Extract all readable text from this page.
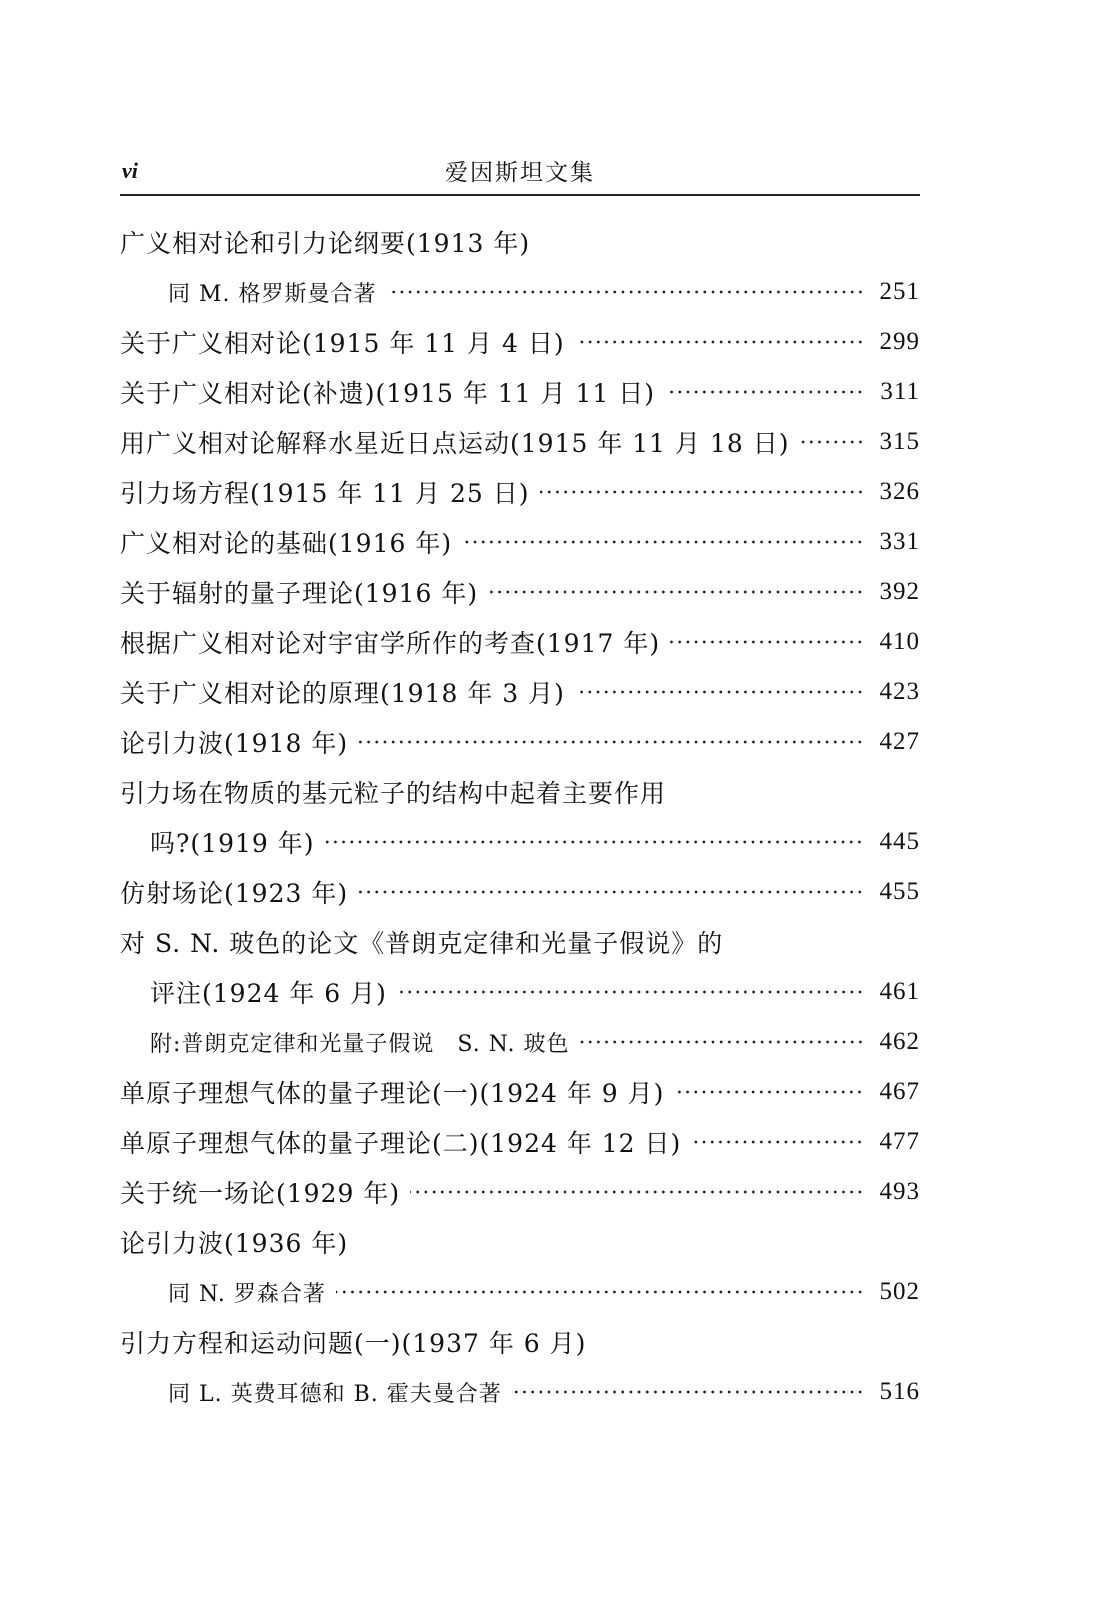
vi	爱因斯坦文集
广义相对论和引力论纲要(1913 年)
同 M. 格罗斯曼合著	251
关于广义相对论(1915 年 11 月 4 日)	299
关于广义相对论(补遗)(1915 年 11 月 11 日)	311
用广义相对论解释水星近日点运动(1915 年 11 月 18 日)	315
引力场方程(1915 年 11 月 25 日)	326
广义相对论的基础(1916 年)	331
关于辐射的量子理论(1916 年)	392
根据广义相对论对宇宙学所作的考查(1917 年)	410
关于广义相对论的原理(1918 年 3 月)	423
论引力波(1918 年)	427
引力场在物质的基元粒子的结构中起着主要作用
吗?(1919 年)	445
仿射场论(1923 年)	455
对 S. N. 玻色的论文《普朗克定律和光量子假说》的
评注(1924 年 6 月)	461
附:普朗克定律和光量子假说　S. N. 玻色	462
单原子理想气体的量子理论(一)(1924 年 9 月)	467
单原子理想气体的量子理论(二)(1924 年 12 日)	477
关于统一场论(1929 年)	493
论引力波(1936 年)
同 N. 罗森合著	502
引力方程和运动问题(一)(1937 年 6 月)
同 L. 英费耳德和 B. 霍夫曼合著	516
